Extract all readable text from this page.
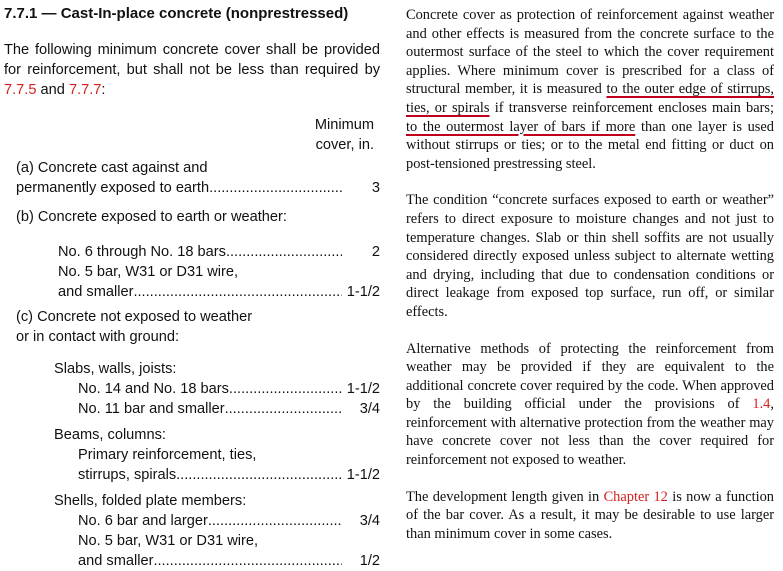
7.7.1 — Cast-In-place concrete (nonprestressed)

The following minimum concrete cover shall be provided for reinforcement, but shall not be less than required by 7.7.5 and 7.7.7:

Minimum
cover, in.
(a) Concrete cast against and
permanently exposed to earth .....	3
(b) Concrete exposed to earth or weather:
No. 6 through No. 18 bars .....	2
No. 5 bar, W31 or D31 wire,
and smaller .....	1-1/2
(c) Concrete not exposed to weather
or in contact with ground:
Slabs, walls, joists:
No. 14 and No. 18 bars .....	1-1/2
No. 11 bar and smaller .....	3/4
Beams, columns:
Primary reinforcement, ties,
stirrups, spirals .....	1-1/2
Shells, folded plate members:
No. 6 bar and larger .....	3/4
No. 5 bar, W31 or D31 wire,
and smaller .....	1/2

Concrete cover as protection of reinforcement against weather and other effects is measured from the concrete surface to the outermost surface of the steel to which the cover requirement applies. Where minimum cover is prescribed for a class of structural member, it is measured to the outer edge of stirrups, ties, or spirals if transverse reinforcement encloses main bars; to the outermost layer of bars if more than one layer is used without stirrups or ties; or to the metal end fitting or duct on post-tensioned prestressing steel.

The condition “concrete surfaces exposed to earth or weather” refers to direct exposure to moisture changes and not just to temperature changes. Slab or thin shell soffits are not usually considered directly exposed unless subject to alternate wetting and drying, including that due to condensation conditions or direct leakage from exposed top surface, run off, or similar effects.

Alternative methods of protecting the reinforcement from weather may be provided if they are equivalent to the additional concrete cover required by the code. When approved by the building official under the provisions of 1.4, reinforcement with alternative protection from the weather may have concrete cover not less than the cover required for reinforcement not exposed to weather.

The development length given in Chapter 12 is now a function of the bar cover. As a result, it may be desirable to use larger than minimum cover in some cases.
